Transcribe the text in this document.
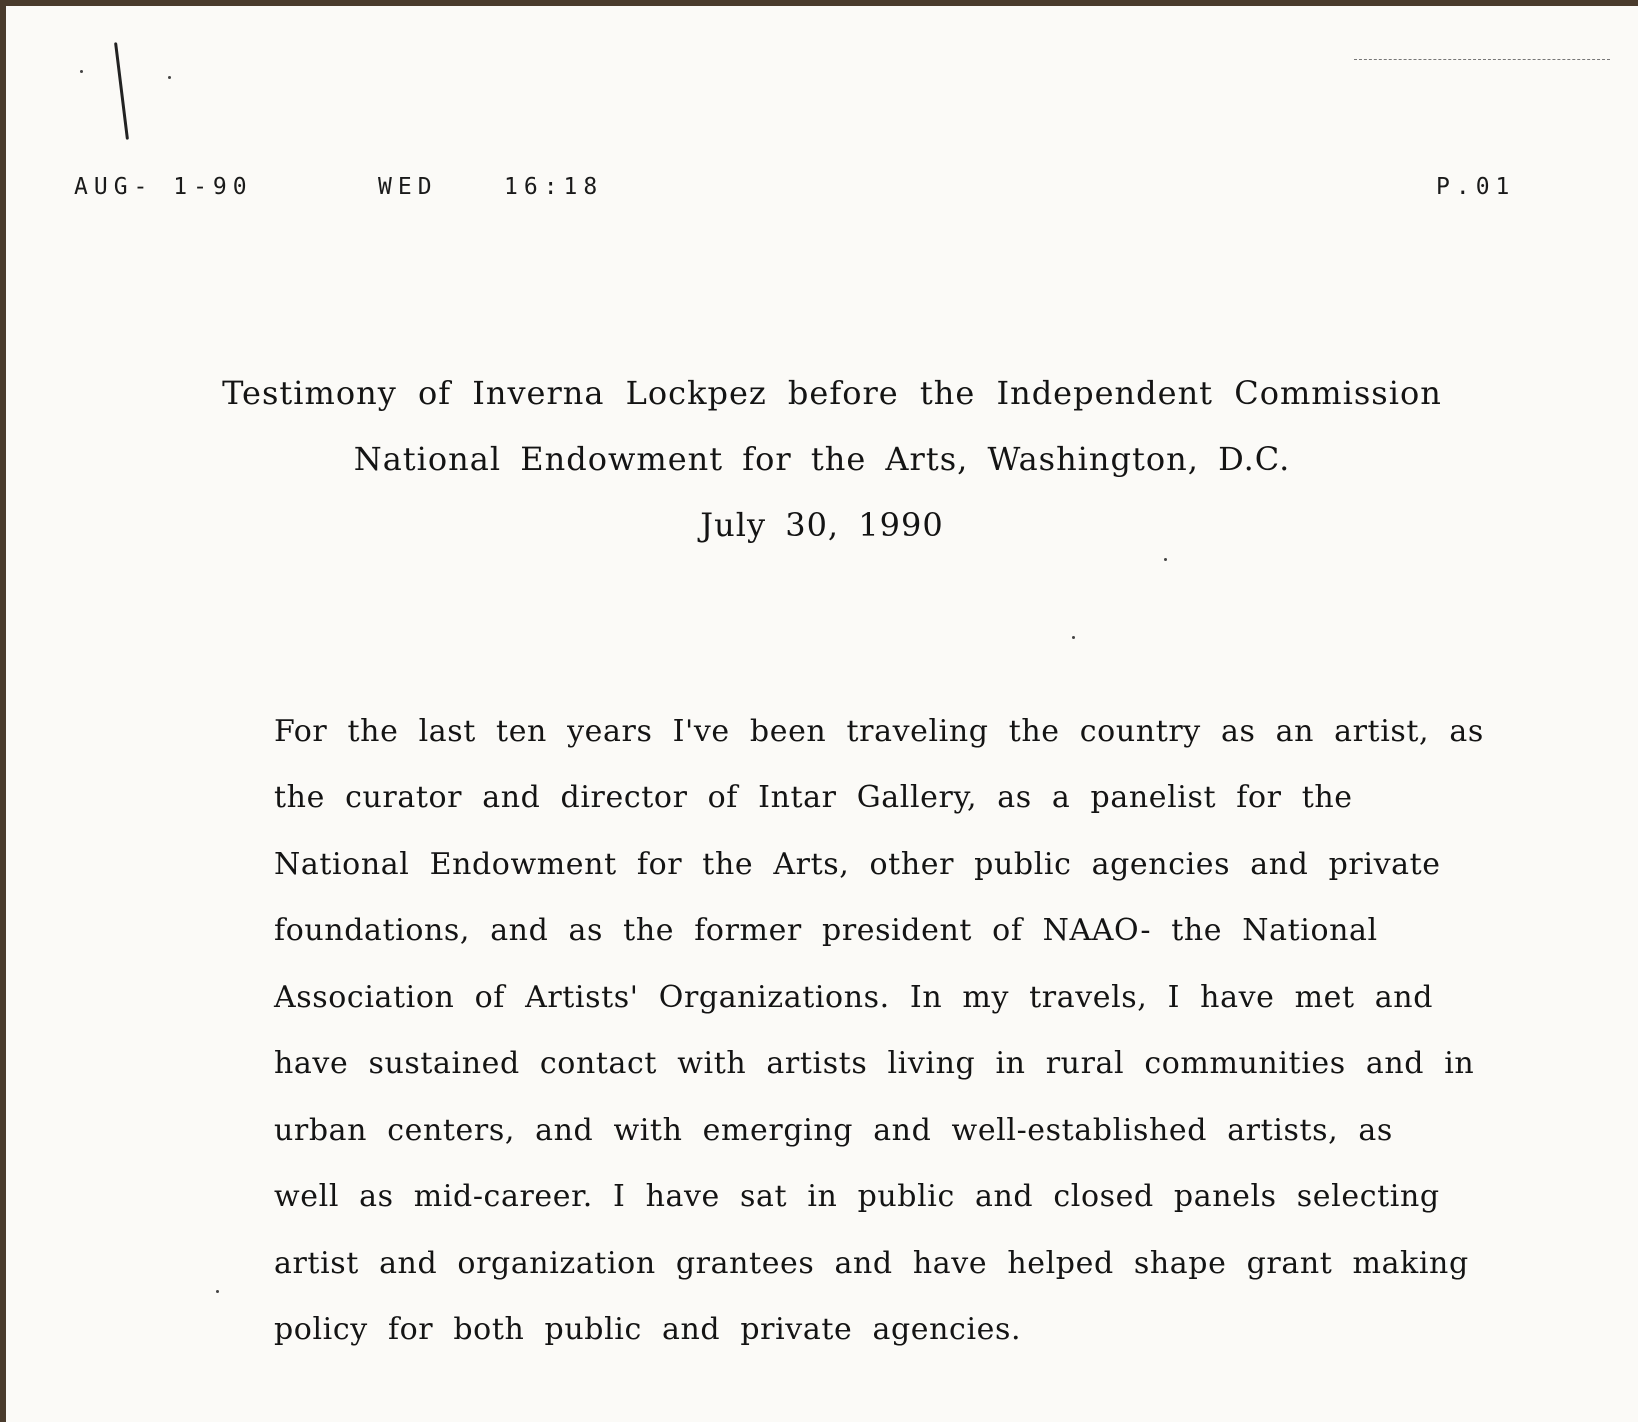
AUG- 1-90	WED	16:18	P.01
Testimony of Inverna Lockpez before the Independent Commission
National Endowment for the Arts, Washington, D.C.
July 30, 1990
For the last ten years I've been traveling the country as an artist, as
the curator and director of Intar Gallery, as a panelist for the
National Endowment for the Arts, other public agencies and private
foundations, and as the former president of NAAO- the National
Association of Artists' Organizations. In my travels, I have met and
have sustained contact with artists living in rural communities and in
urban centers, and with emerging and well-established artists, as
well as mid-career. I have sat in public and closed panels selecting
artist and organization grantees and have helped shape grant making
policy for both public and private agencies.
